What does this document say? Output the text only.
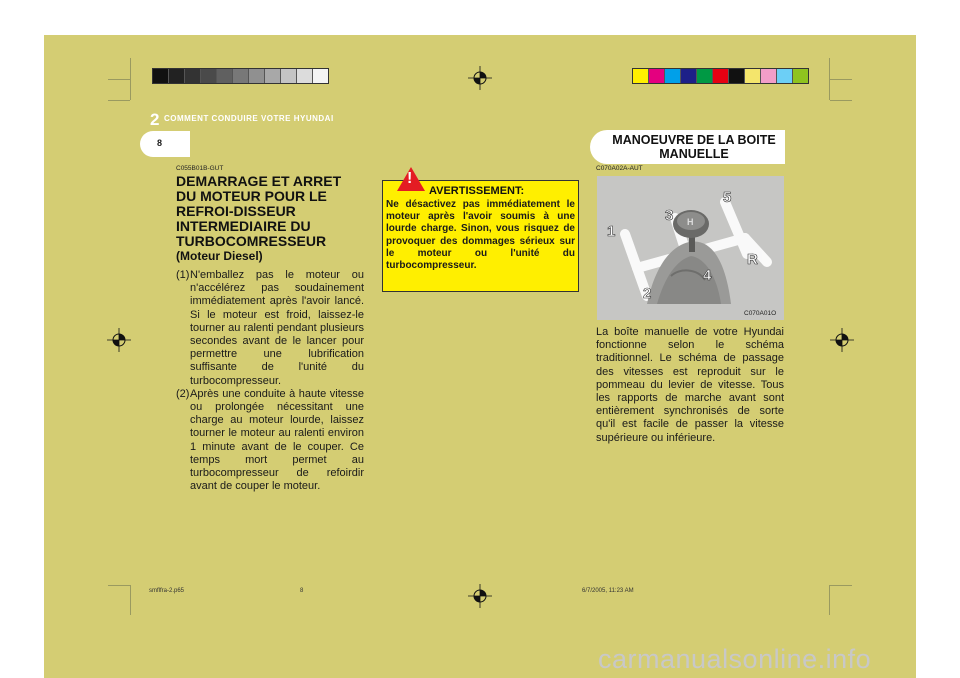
2 COMMENT CONDUIRE VOTRE HYUNDAI
8
C055B01B-GUT
DEMARRAGE ET ARRET DU MOTEUR POUR LE REFROI-DISSEUR INTERMEDIAIRE DU TURBOCOMRESSEUR
(Moteur Diesel)
(1) N'emballez pas le moteur ou n'accélérez pas soudainement immédiatement après l'avoir lancé. Si le moteur est froid, laissez-le tourner au ralenti pendant plusieurs secondes avant de le lancer pour permettre une lubrification suffisante de l'unité du turbocompresseur.
(2) Après une conduite à haute vitesse ou prolongée nécessitant une charge au moteur lourde, laissez tourner le moteur au ralenti environ 1 minute avant de le couper. Ce temps mort permet au turbocompresseur de refoirdir avant de couper le moteur.
!
AVERTISSEMENT:
Ne désactivez pas immédiatement le moteur après l'avoir soumis à une lourde charge. Sinon, vous risquez de provoquer des dommages sérieux sur le moteur ou l'unité du turbocompresseur.
MANOEUVRE DE LA BOITE MANUELLE
C070A02A-AUT
H
1
2
3
4
5
R
C070A01O
La boîte manuelle de votre Hyundai fonctionne selon le schéma traditionnel. Le schéma de passage des vitesses est reproduit sur le pommeau du levier de vitesse. Tous les rapports de marche avant sont entièrement synchronisés de sorte qu'il est facile de passer la vitesse supérieure ou inférieure.
smflfra-2.p65	8	6/7/2005, 11:23 AM
carmanualsonline.info
